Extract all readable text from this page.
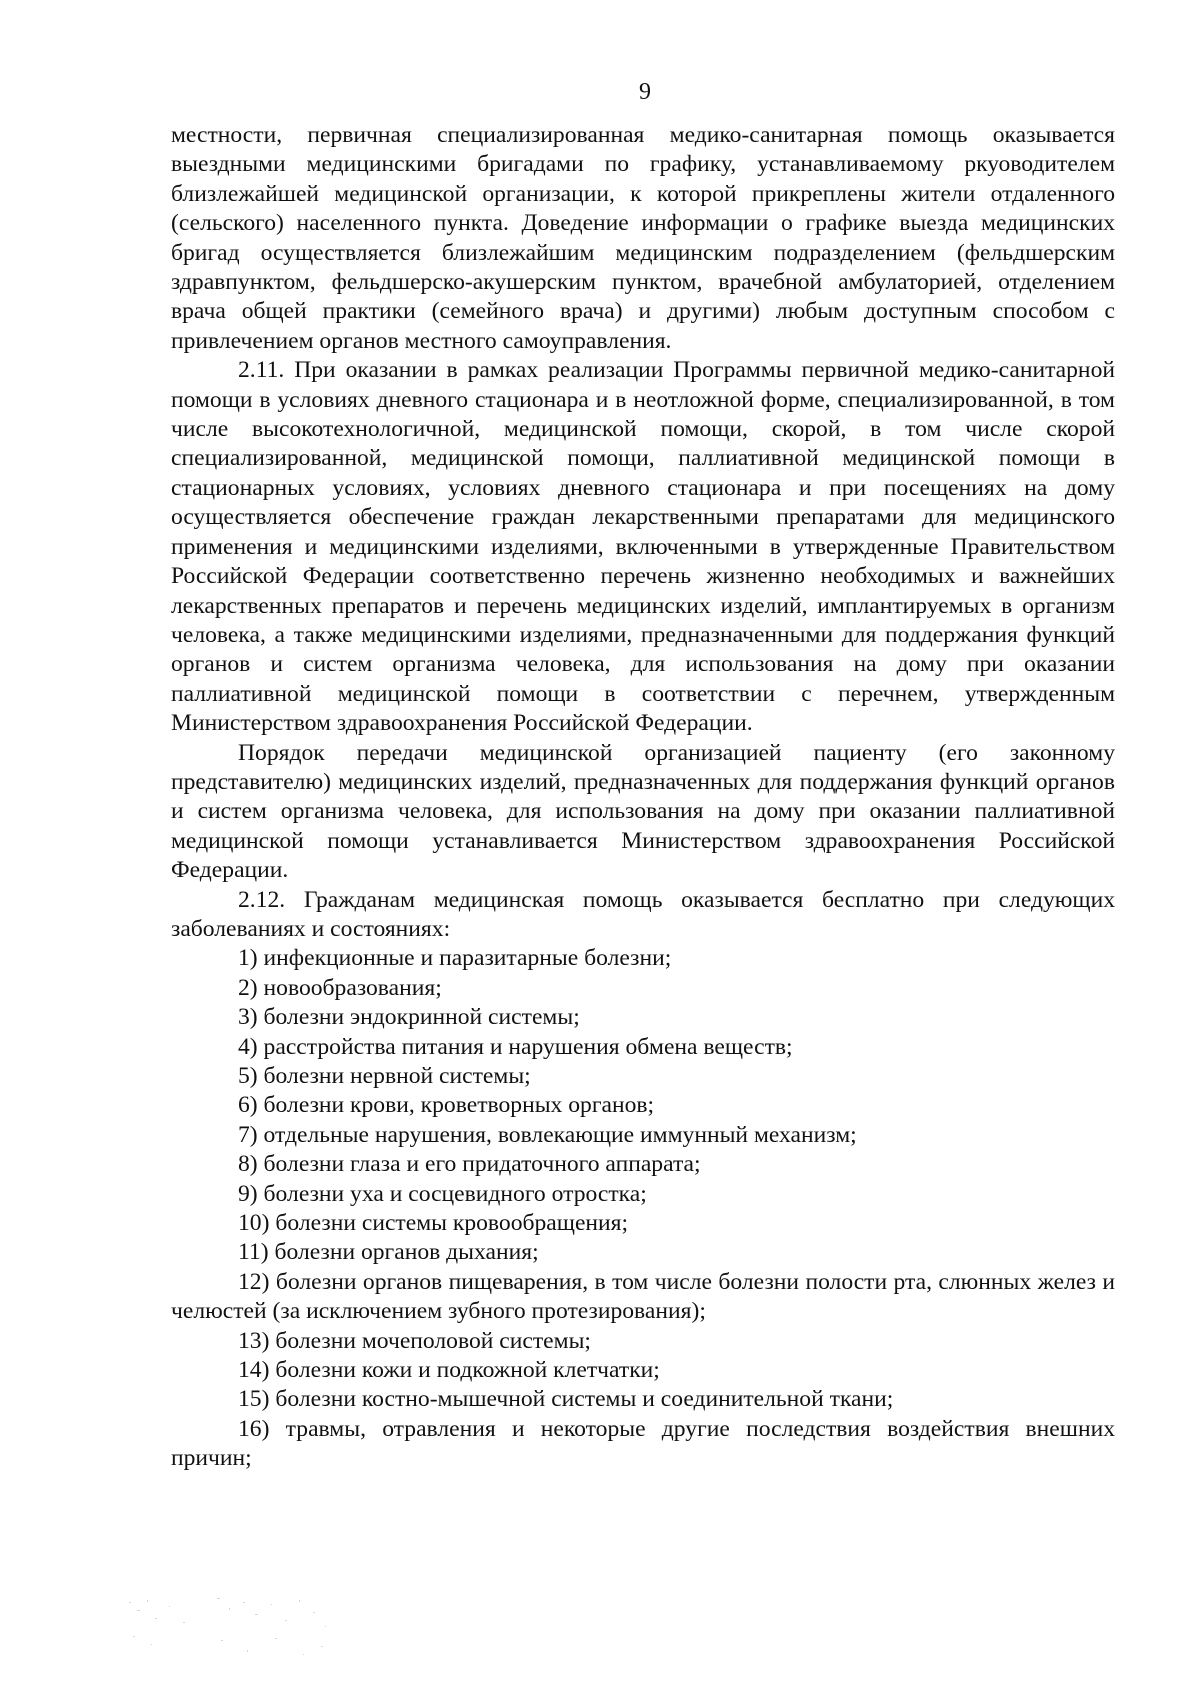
9

местности, первичная специализированная медико-санитарная помощь оказывается выездными медицинскими бригадами по графику, устанавливаемому ркуоводителем близлежайшей медицинской организации, к которой прикреплены жители отдаленного (сельского) населенного пункта. Доведение информации о графике выезда медицинских бригад осуществляется близлежайшим медицинским подразделением (фельдшерским здравпунктом, фельдшерско-акушерским пунктом, врачебной амбулаторией, отделением врача общей практики (семейного врача) и другими) любым доступным способом с привлечением органов местного самоуправления.

2.11. При оказании в рамках реализации Программы первичной медико-санитарной помощи в условиях дневного стационара и в неотложной форме, специализированной, в том числе высокотехнологичной, медицинской помощи, скорой, в том числе скорой специализированной, медицинской помощи, паллиативной медицинской помощи в стационарных условиях, условиях дневного стационара и при посещениях на дому осуществляется обеспечение граждан лекарственными препаратами для медицинского применения и медицинскими изделиями, включенными в утвержденные Правительством Российской Федерации соответственно перечень жизненно необходимых и важнейших лекарственных препаратов и перечень медицинских изделий, имплантируемых в организм человека, а также медицинскими изделиями, предназначенными для поддержания функций органов и систем организма человека, для использования на дому при оказании паллиативной медицинской помощи в соответствии с перечнем, утвержденным Министерством здравоохранения Российской Федерации.

Порядок передачи медицинской организацией пациенту (его законному представителю) медицинских изделий, предназначенных для поддержания функций органов и систем организма человека, для использования на дому при оказании паллиативной медицинской помощи устанавливается Министерством здравоохранения Российской Федерации.

2.12. Гражданам медицинская помощь оказывается бесплатно при следующих заболеваниях и состояниях:

1) инфекционные и паразитарные болезни;

2) новообразования;

3) болезни эндокринной системы;

4) расстройства питания и нарушения обмена веществ;

5) болезни нервной системы;

6) болезни крови, кроветворных органов;

7) отдельные нарушения, вовлекающие иммунный механизм;

8) болезни глаза и его придаточного аппарата;

9) болезни уха и сосцевидного отростка;

10) болезни системы кровообращения;

11) болезни органов дыхания;

12) болезни органов пищеварения, в том числе болезни полости рта, слюнных желез и челюстей (за исключением зубного протезирования);

13) болезни мочеполовой системы;

14) болезни кожи и подкожной клетчатки;

15) болезни костно-мышечной системы и соединительной ткани;

16) травмы, отравления и некоторые другие последствия воздействия внешних причин;
